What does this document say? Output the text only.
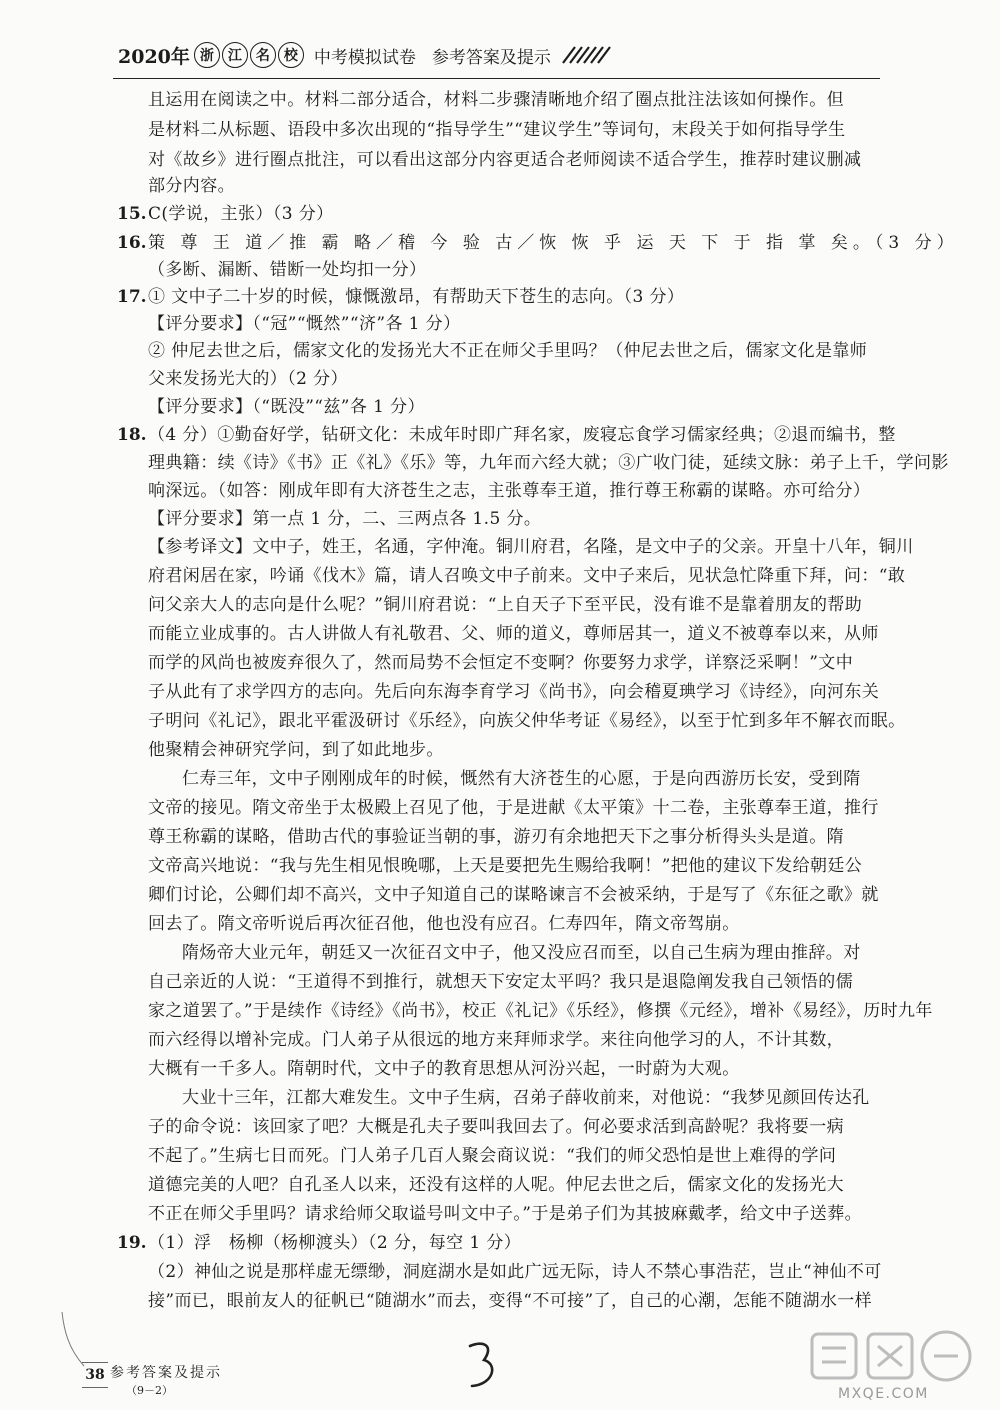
2020年 浙	江	名	校 中考模拟试卷 参考答案及提示
且运用在阅读之中。材料二部分适合，材料二步骤清晰地介绍了圈点批注法该如何操作。但
是材料二从标题、语段中多次出现的“指导学生”“建议学生”等词句，末段关于如何指导学生
对《故乡》进行圈点批注，可以看出这部分内容更适合老师阅读不适合学生，推荐时建议删减
部分内容。
15. C(学说，主张）（3 分）
16. 策 尊 王 道／推 霸 略／稽 今 验 古／恢 恢 乎 运 天 下 于 指 掌 矣。（3 分）
（多断、漏断、错断一处均扣一分）
17. ① 文中子二十岁的时候，慷慨激昂，有帮助天下苍生的志向。（3 分）
【评分要求】（“冠”“慨然”“济”各 1 分）
② 仲尼去世之后，儒家文化的发扬光大不正在师父手里吗？（仲尼去世之后，儒家文化是靠师
父来发扬光大的）（2 分）
【评分要求】（“既没”“兹”各 1 分）
18. （4 分）①勤奋好学，钻研文化：未成年时即广拜名家，废寝忘食学习儒家经典；②退而编书，整
理典籍：续《诗》《书》正《礼》《乐》等，九年而六经大就；③广收门徒，延续文脉：弟子上千，学问影
响深远。（如答：刚成年即有大济苍生之志，主张尊奉王道，推行尊王称霸的谋略。亦可给分）
【评分要求】第一点 1 分，二、三两点各 1.5 分。
【参考译文】文中子，姓王，名通，字仲淹。铜川府君，名隆，是文中子的父亲。开皇十八年，铜川
府君闲居在家，吟诵《伐木》篇，请人召唤文中子前来。文中子来后，见状急忙降重下拜，问：“敢
问父亲大人的志向是什么呢？”铜川府君说：“上自天子下至平民，没有谁不是靠着朋友的帮助
而能立业成事的。古人讲做人有礼敬君、父、师的道义，尊师居其一，道义不被尊奉以来，从师
而学的风尚也被废弃很久了，然而局势不会恒定不变啊？你要努力求学，详察泛采啊！”文中
子从此有了求学四方的志向。先后向东海李育学习《尚书》，向会稽夏琠学习《诗经》，向河东关
子明问《礼记》，跟北平霍汲研讨《乐经》，向族父仲华考证《易经》，以至于忙到多年不解衣而眠。
他聚精会神研究学问，到了如此地步。
仁寿三年，文中子刚刚成年的时候，慨然有大济苍生的心愿，于是向西游历长安，受到隋
文帝的接见。隋文帝坐于太极殿上召见了他，于是进献《太平策》十二卷，主张尊奉王道，推行
尊王称霸的谋略，借助古代的事验证当朝的事，游刃有余地把天下之事分析得头头是道。隋
文帝高兴地说：“我与先生相见恨晚哪，上天是要把先生赐给我啊！”把他的建议下发给朝廷公
卿们讨论，公卿们却不高兴，文中子知道自己的谋略谏言不会被采纳，于是写了《东征之歌》就
回去了。隋文帝听说后再次征召他，他也没有应召。仁寿四年，隋文帝驾崩。
隋炀帝大业元年，朝廷又一次征召文中子，他又没应召而至，以自己生病为理由推辞。对
自己亲近的人说：“王道得不到推行，就想天下安定太平吗？我只是退隐阐发我自己领悟的儒
家之道罢了。”于是续作《诗经》《尚书》，校正《礼记》《乐经》，修撰《元经》，增补《易经》，历时九年
而六经得以增补完成。门人弟子从很远的地方来拜师求学。来往向他学习的人，不计其数，
大概有一千多人。隋朝时代，文中子的教育思想从河汾兴起，一时蔚为大观。
大业十三年，江都大难发生。文中子生病，召弟子薛收前来，对他说：“我梦见颜回传达孔
子的命令说：该回家了吧？大概是孔夫子要叫我回去了。何必要求活到高龄呢？我将要一病
不起了。”生病七日而死。门人弟子几百人聚会商议说：“我们的师父恐怕是世上难得的学问
道德完美的人吧？自孔圣人以来，还没有这样的人呢。仲尼去世之后，儒家文化的发扬光大
不正在师父手里吗？请求给师父取谥号叫文中子。”于是弟子们为其披麻戴孝，给文中子送葬。
19. （1）浮　杨柳（杨柳渡头）（2 分，每空 1 分）
（2）神仙之说是那样虚无缥缈，洞庭湖水是如此广远无际，诗人不禁心事浩茫，岂止“神仙不可
接”而已，眼前友人的征帆已“随湖水”而去，变得“不可接”了，自己的心潮，怎能不随湖水一样
38 参考答案及提示
（9－2）	MXQE.COM
